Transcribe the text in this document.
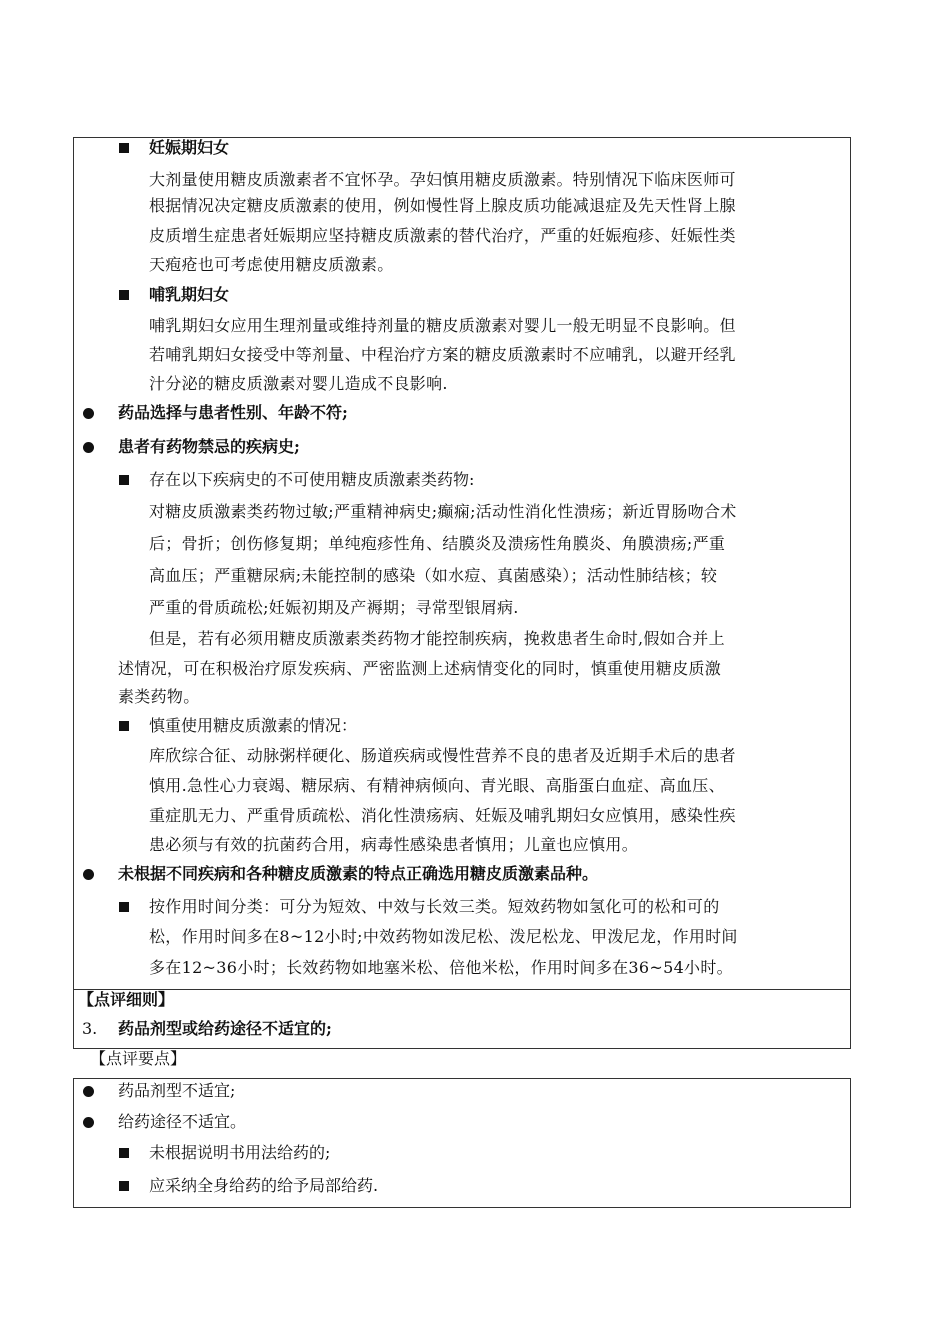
妊娠期妇女
大剂量使用糖皮质激素者不宜怀孕。孕妇慎用糖皮质激素。特别情况下临床医师可
根据情况决定糖皮质激素的使用，例如慢性肾上腺皮质功能减退症及先天性肾上腺
皮质增生症患者妊娠期应坚持糖皮质激素的替代治疗，严重的妊娠疱疹、妊娠性类
天疱疮也可考虑使用糖皮质激素。
哺乳期妇女
哺乳期妇女应用生理剂量或维持剂量的糖皮质激素对婴儿一般无明显不良影响。但
若哺乳期妇女接受中等剂量、中程治疗方案的糖皮质激素时不应哺乳，以避开经乳
汁分泌的糖皮质激素对婴儿造成不良影响.
药品选择与患者性别、年龄不符;
患者有药物禁忌的疾病史;
存在以下疾病史的不可使用糖皮质激素类药物:
对糖皮质激素类药物过敏;严重精神病史;癫痫;活动性消化性溃疡；新近胃肠吻合术
后；骨折；创伤修复期；单纯疱疹性角、结膜炎及溃疡性角膜炎、角膜溃疡;严重
高血压；严重糖尿病;未能控制的感染（如水痘、真菌感染）；活动性肺结核；较
严重的骨质疏松;妊娠初期及产褥期；寻常型银屑病.
但是，若有必须用糖皮质激素类药物才能控制疾病，挽救患者生命时,假如合并上
述情况，可在积极治疗原发疾病、严密监测上述病情变化的同时，慎重使用糖皮质激
素类药物。
慎重使用糖皮质激素的情况：
库欣综合征、动脉粥样硬化、肠道疾病或慢性营养不良的患者及近期手术后的患者
慎用.急性心力衰竭、糖尿病、有精神病倾向、青光眼、高脂蛋白血症、高血压、
重症肌无力、严重骨质疏松、消化性溃疡病、妊娠及哺乳期妇女应慎用，感染性疾
患必须与有效的抗菌药合用，病毒性感染患者慎用；儿童也应慎用。
未根据不同疾病和各种糖皮质激素的特点正确选用糖皮质激素品种。
按作用时间分类：可分为短效、中效与长效三类。短效药物如氢化可的松和可的
松，作用时间多在8~12小时;中效药物如泼尼松、泼尼松龙、甲泼尼龙，作用时间
多在12~36小时；长效药物如地塞米松、倍他米松，作用时间多在36~54小时。
【点评细则】
3. 药品剂型或给药途径不适宜的;
【点评要点】
药品剂型不适宜;
给药途径不适宜。
未根据说明书用法给药的;
应采纳全身给药的给予局部给药.
